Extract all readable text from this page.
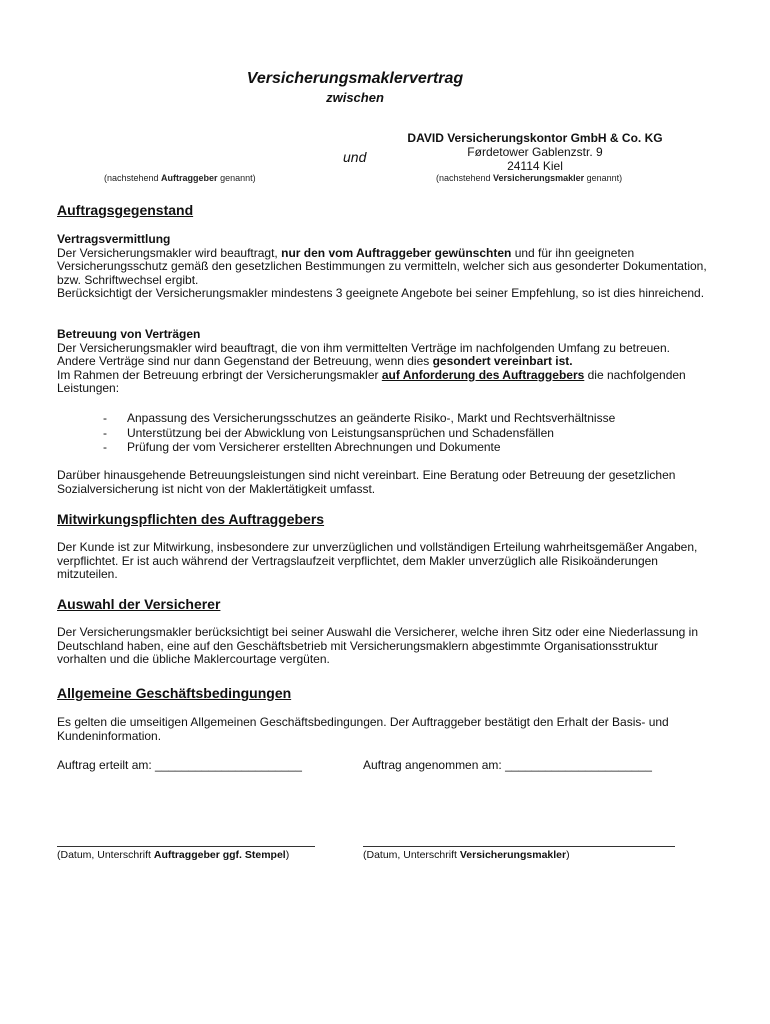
Versicherungsmaklervertrag
zwischen
und
DAVID Versicherungskontor GmbH & Co. KG
Førdetower Gablenzstr. 9
24114 Kiel
(nachstehend Auftraggeber genannt)	(nachstehend Versicherungsmakler genannt)
Auftragsgegenstand
Vertragsvermittlung
Der Versicherungsmakler wird beauftragt, nur den vom Auftraggeber gewünschten und für ihn geeigneten Versicherungsschutz gemäß den gesetzlichen Bestimmungen zu vermitteln, welcher sich aus gesonderter Dokumentation, bzw. Schriftwechsel ergibt.
Berücksichtigt der Versicherungsmakler mindestens 3 geeignete Angebote bei seiner Empfehlung, so ist dies hinreichend.
Betreuung von Verträgen
Der Versicherungsmakler wird beauftragt, die von ihm vermittelten Verträge im nachfolgenden Umfang zu betreuen. Andere Verträge sind nur dann Gegenstand der Betreuung, wenn dies gesondert vereinbart ist.
Im Rahmen der Betreuung erbringt der Versicherungsmakler auf Anforderung des Auftraggebers die nachfolgenden Leistungen:
-	Anpassung des Versicherungsschutzes an geänderte Risiko-, Markt und Rechtsverhältnisse
-	Unterstützung bei der Abwicklung von Leistungsansprüchen und Schadensfällen
-	Prüfung der vom Versicherer erstellten Abrechnungen und Dokumente
Darüber hinausgehende Betreuungsleistungen sind nicht vereinbart. Eine Beratung oder Betreuung der gesetzlichen Sozialversicherung ist nicht von der Maklertätigkeit umfasst.
Mitwirkungspflichten des Auftraggebers
Der Kunde ist zur Mitwirkung, insbesondere zur unverzüglichen und vollständigen Erteilung wahrheitsgemäßer Angaben, verpflichtet. Er ist auch während der Vertragslaufzeit verpflichtet, dem Makler unverzüglich alle Risikoänderungen mitzuteilen.
Auswahl der Versicherer
Der Versicherungsmakler berücksichtigt bei seiner Auswahl die Versicherer, welche ihren Sitz oder eine Niederlassung in Deutschland haben, eine auf den Geschäftsbetrieb mit Versicherungsmaklern abgestimmte Organisationsstruktur vorhalten und die übliche Maklercourtage vergüten.
Allgemeine Geschäftsbedingungen
Es gelten die umseitigen Allgemeinen Geschäftsbedingungen. Der Auftraggeber bestätigt den Erhalt der Basis- und Kundeninformation.
Auftrag erteilt am: ______________________	Auftrag angenommen am: ______________________
(Datum, Unterschrift Auftraggeber ggf. Stempel)	(Datum, Unterschrift Versicherungsmakler)
